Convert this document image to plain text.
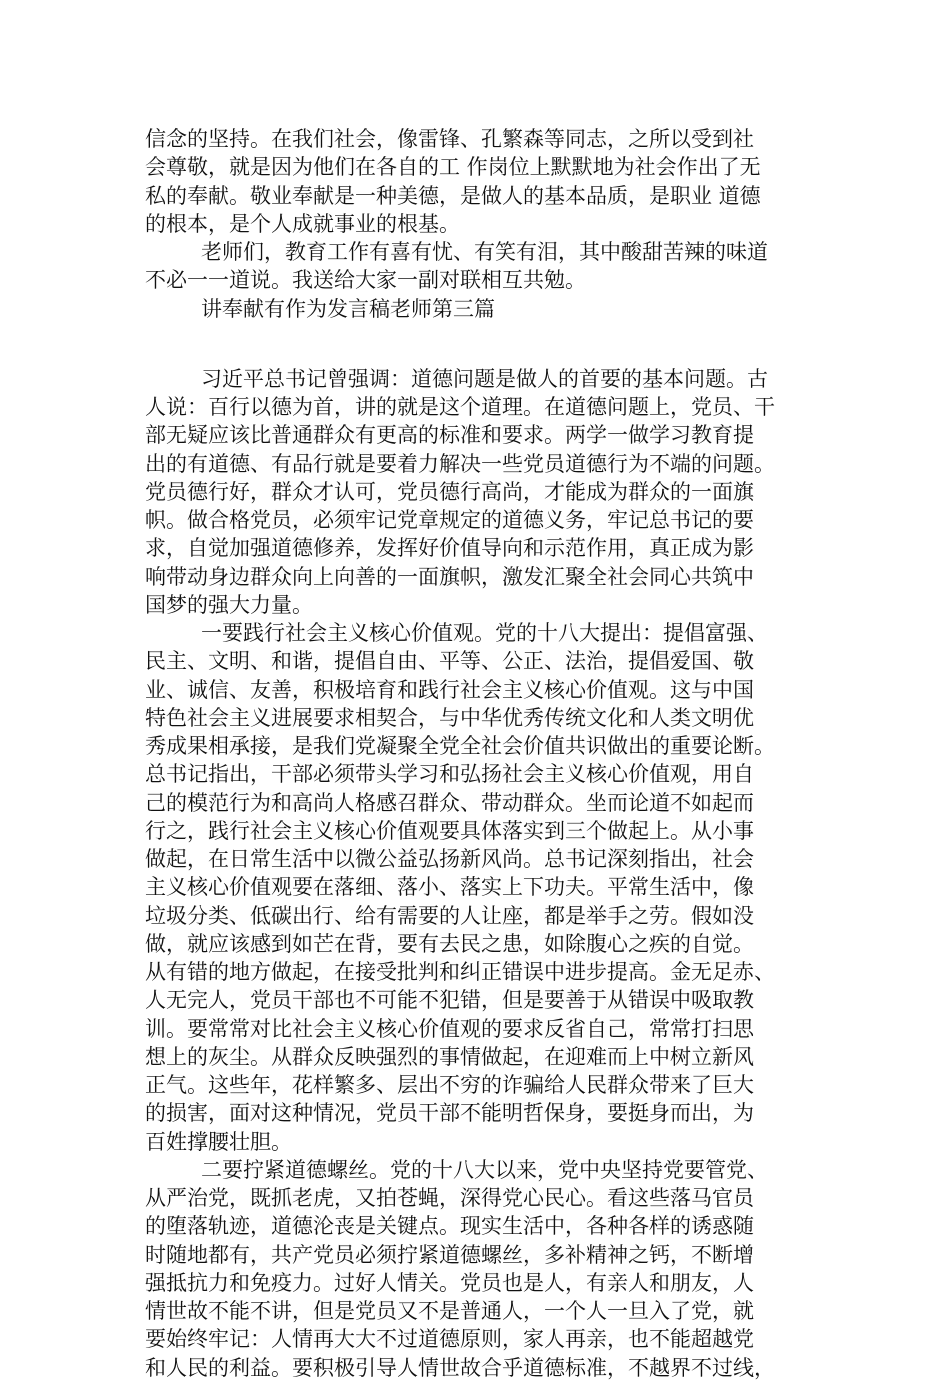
信念的坚持。在我们社会，像雷锋、孔繁森等同志，之所以受到社
会尊敬，就是因为他们在各自的工 作岗位上默默地为社会作出了无
私的奉献。敬业奉献是一种美德，是做人的基本品质，是职业 道德
的根本，是个人成就事业的根基。
老师们，教育工作有喜有忧、有笑有泪，其中酸甜苦辣的味道
不必一一道说。我送给大家一副对联相互共勉。
讲奉献有作为发言稿老师第三篇
习近平总书记曾强调：道德问题是做人的首要的基本问题。古
人说：百行以德为首，讲的就是这个道理。在道德问题上，党员、干
部无疑应该比普通群众有更高的标准和要求。两学一做学习教育提
出的有道德、有品行就是要着力解决一些党员道德行为不端的问题。
党员德行好，群众才认可，党员德行高尚，才能成为群众的一面旗
帜。做合格党员，必须牢记党章规定的道德义务，牢记总书记的要
求，自觉加强道德修养，发挥好价值导向和示范作用，真正成为影
响带动身边群众向上向善的一面旗帜，激发汇聚全社会同心共筑中
国梦的强大力量。
一要践行社会主义核心价值观。党的十八大提出：提倡富强、
民主、文明、和谐，提倡自由、平等、公正、法治，提倡爱国、敬
业、诚信、友善，积极培育和践行社会主义核心价值观。这与中国
特色社会主义进展要求相契合，与中华优秀传统文化和人类文明优
秀成果相承接，是我们党凝聚全党全社会价值共识做出的重要论断。
总书记指出，干部必须带头学习和弘扬社会主义核心价值观，用自
己的模范行为和高尚人格感召群众、带动群众。坐而论道不如起而
行之，践行社会主义核心价值观要具体落实到三个做起上。从小事
做起，在日常生活中以微公益弘扬新风尚。总书记深刻指出，社会
主义核心价值观要在落细、落小、落实上下功夫。平常生活中，像
垃圾分类、低碳出行、给有需要的人让座，都是举手之劳。假如没
做，就应该感到如芒在背，要有去民之患，如除腹心之疾的自觉。
从有错的地方做起，在接受批判和纠正错误中进步提高。金无足赤、
人无完人，党员干部也不可能不犯错，但是要善于从错误中吸取教
训。要常常对比社会主义核心价值观的要求反省自己，常常打扫思
想上的灰尘。从群众反映强烈的事情做起，在迎难而上中树立新风
正气。这些年，花样繁多、层出不穷的诈骗给人民群众带来了巨大
的损害，面对这种情况，党员干部不能明哲保身，要挺身而出，为
百姓撑腰壮胆。
二要拧紧道德螺丝。党的十八大以来，党中央坚持党要管党、
从严治党，既抓老虎，又拍苍蝇，深得党心民心。看这些落马官员
的堕落轨迹，道德沦丧是关键点。现实生活中，各种各样的诱惑随
时随地都有，共产党员必须拧紧道德螺丝，多补精神之钙，不断增
强抵抗力和免疫力。过好人情关。党员也是人，有亲人和朋友，人
情世故不能不讲，但是党员又不是普通人，一个人一旦入了党，就
要始终牢记：人情再大大不过道德原则，家人再亲，也不能超越党
和人民的利益。要积极引导人情世故合乎道德标准，不越界不过线，
